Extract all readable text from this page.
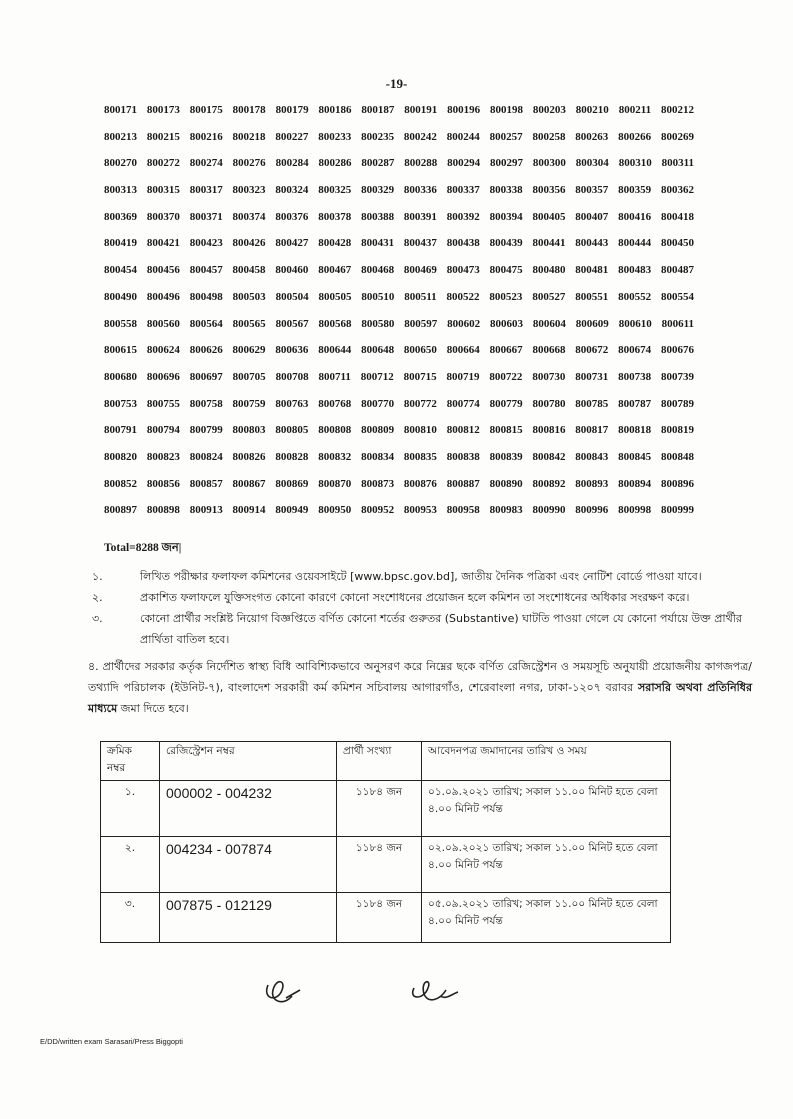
-19-
800171 800173 800175 800178 800179 800186 800187 800191 800196 800198 800203 800210 800211 800212
800213 800215 800216 800218 800227 800233 800235 800242 800244 800257 800258 800263 800266 800269
800270 800272 800274 800276 800284 800286 800287 800288 800294 800297 800300 800304 800310 800311
800313 800315 800317 800323 800324 800325 800329 800336 800337 800338 800356 800357 800359 800362
800369 800370 800371 800374 800376 800378 800388 800391 800392 800394 800405 800407 800416 800418
800419 800421 800423 800426 800427 800428 800431 800437 800438 800439 800441 800443 800444 800450
800454 800456 800457 800458 800460 800467 800468 800469 800473 800475 800480 800481 800483 800487
800490 800496 800498 800503 800504 800505 800510 800511 800522 800523 800527 800551 800552 800554
800558 800560 800564 800565 800567 800568 800580 800597 800602 800603 800604 800609 800610 800611
800615 800624 800626 800629 800636 800644 800648 800650 800664 800667 800668 800672 800674 800676
800680 800696 800697 800705 800708 800711 800712 800715 800719 800722 800730 800731 800738 800739
800753 800755 800758 800759 800763 800768 800770 800772 800774 800779 800780 800785 800787 800789
800791 800794 800799 800803 800805 800808 800809 800810 800812 800815 800816 800817 800818 800819
800820 800823 800824 800826 800828 800832 800834 800835 800838 800839 800842 800843 800845 800848
800852 800856 800857 800867 800869 800870 800873 800876 800887 800890 800892 800893 800894 800896
800897 800898 800913 800914 800949 800950 800952 800953 800958 800983 800990 800996 800998 800999
Total=8288 জন|
১.	লিখিত পরীক্ষার ফলাফল কমিশনের ওয়েবসাইটে [www.bpsc.gov.bd], জাতীয় দৈনিক পত্রিকা এবং নোটিশ বোর্ডে পাওয়া যাবে।
২.	প্রকাশিত ফলাফলে যুক্তিসংগত কোনো কারণে কোনো সংশোধনের প্রয়োজন হলে কমিশন তা সংশোধনের অধিকার সংরক্ষণ করে।
৩.	কোনো প্রার্থীর সংশ্লিষ্ট নিয়োগ বিজ্ঞপ্তিতে বর্ণিত কোনো শর্তের গুরুতর (Substantive) ঘাটতি পাওয়া গেলে যে কোনো পর্যায়ে উক্ত প্রার্থীর প্রার্থিতা বাতিল হবে।
৪. প্রার্থীদের সরকার কর্তৃক নির্দেশিত স্বাস্থ্য বিধি আবিশ্যিকভাবে অনুসরণ করে নিম্নের ছকে বর্ণিত রেজিস্ট্রেশন ও সময়সূচি অনুযায়ী প্রয়োজনীয় কাগজপত্র/তথ্যাদি পরিচালক (ইউনিট-৭), বাংলাদেশ সরকারী কর্ম কমিশন সচিবালয় আগারগাঁও, শেরেবাংলা নগর, ঢাকা-১২০৭ বরাবর সরাসরি অথবা প্রতিনিধির মাধ্যমে জমা দিতে হবে।
ক্রমিক নম্বর	রেজিস্ট্রেশন নম্বর	প্রার্থী সংখ্যা	আবেদনপত্র জমাদানের তারিখ ও সময়
১.	000002 - 004232	১১৮৪ জন	০১.০৯.২০২১ তারিখ; সকাল ১১.০০ মিনিট হতে বেলা ৪.০০ মিনিট পর্যন্ত
২.	004234 - 007874	১১৮৪ জন	০২.০৯.২০২১ তারিখ; সকাল ১১.০০ মিনিট হতে বেলা ৪.০০ মিনিট পর্যন্ত
৩.	007875 - 012129	১১৮৪ জন	০৫.০৯.২০২১ তারিখ; সকাল ১১.০০ মিনিট হতে বেলা ৪.০০ মিনিট পর্যন্ত
E/DD/written exam Sarasari/Press Biggopti
